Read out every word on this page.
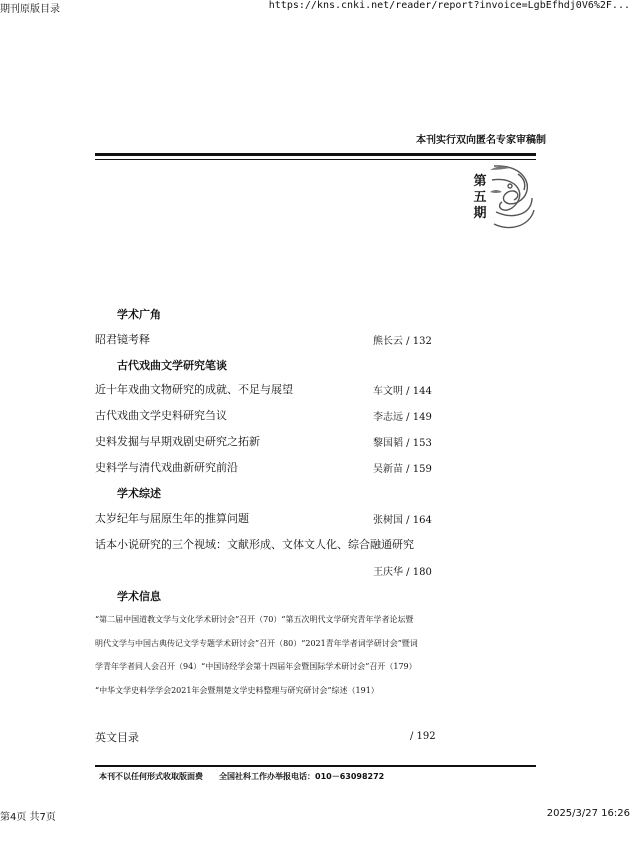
期刊原版目录	https://kns.cnki.net/reader/report?invoice=LgbEfhdj0V6%2F...
本刊实行双向匿名专家审稿制
第五期
学术广角
昭君镜考释	熊长云 / 132
古代戏曲文学研究笔谈
近十年戏曲文物研究的成就、不足与展望	车文明 / 144
古代戏曲文学史料研究刍议	李志远 / 149
史料发掘与早期戏剧史研究之拓新	黎国韬 / 153
史料学与清代戏曲新研究前沿	吴新苗 / 159
学术综述
太岁纪年与屈原生年的推算问题	张树国 / 164
话本小说研究的三个视域：文献形成、文体文人化、综合融通研究
王庆华 / 180
学术信息
“第二届中国道教文学与文化学术研讨会”召开（70）“第五次明代文学研究青年学者论坛暨
明代文学与中国古典传记文学专题学术研讨会”召开（80）“2021青年学者词学研讨会”暨词
学青年学者同人会召开（94）“中国诗经学会第十四届年会暨国际学术研讨会”召开（179）
“中华文学史料学学会2021年会暨荆楚文学史料整理与研究研讨会”综述（191）
英文目录	/ 192
本刊不以任何形式收取版面费　　全国社科工作办举报电话：010－63098272
第4页 共7页	2025/3/27 16:26
